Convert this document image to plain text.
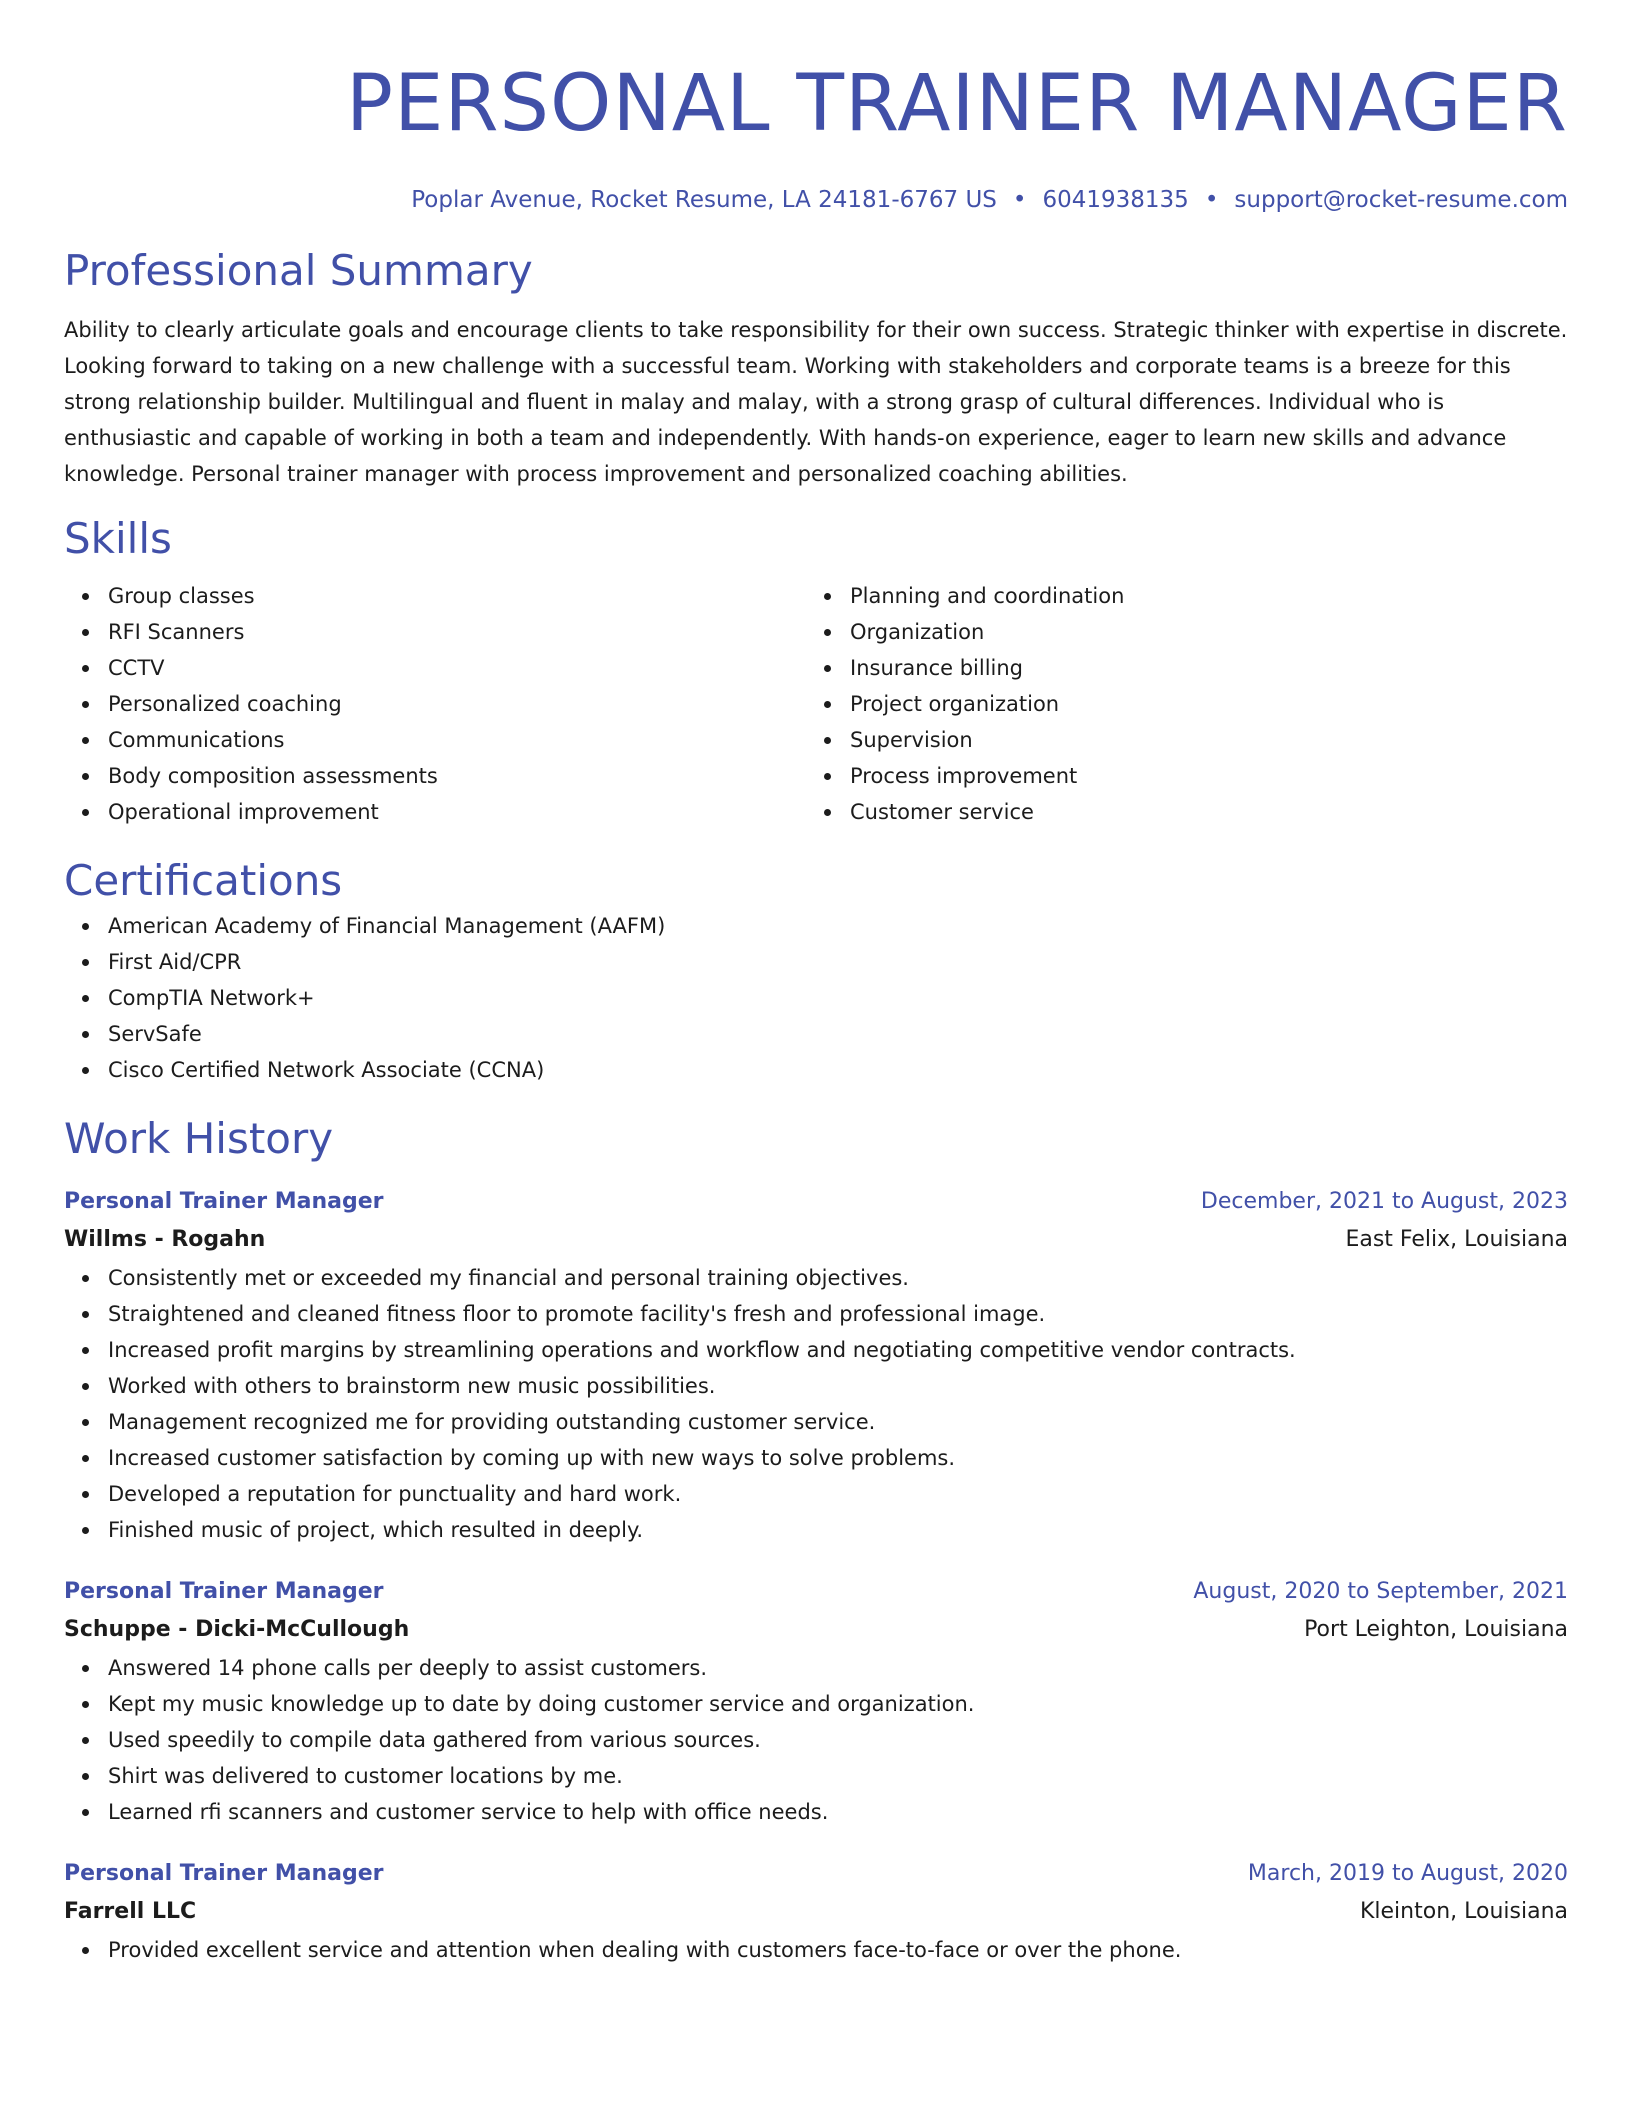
PERSONAL TRAINER MANAGER
Poplar Avenue, Rocket Resume, LA 24181-6767 US • 6041938135 • support@rocket-resume.com
Professional Summary

Ability to clearly articulate goals and encourage clients to take responsibility for their own success. Strategic thinker with expertise in discrete. Looking forward to taking on a new challenge with a successful team. Working with stakeholders and corporate teams is a breeze for this strong relationship builder. Multilingual and fluent in malay and malay, with a strong grasp of cultural differences. Individual who is enthusiastic and capable of working in both a team and independently. With hands-on experience, eager to learn new skills and advance knowledge. Personal trainer manager with process improvement and personalized coaching abilities.

Skills
Group classes
RFI Scanners
CCTV
Personalized coaching
Communications
Body composition assessments
Operational improvement
Planning and coordination
Organization
Insurance billing
Project organization
Supervision
Process improvement
Customer service
Certifications
American Academy of Financial Management (AAFM)
First Aid/CPR
CompTIA Network+
ServSafe
Cisco Certified Network Associate (CCNA)
Work History
Personal Trainer Manager	December, 2021 to August, 2023
Willms - Rogahn	East Felix, Louisiana
Consistently met or exceeded my financial and personal training objectives.
Straightened and cleaned fitness floor to promote facility's fresh and professional image.
Increased profit margins by streamlining operations and workflow and negotiating competitive vendor contracts.
Worked with others to brainstorm new music possibilities.
Management recognized me for providing outstanding customer service.
Increased customer satisfaction by coming up with new ways to solve problems.
Developed a reputation for punctuality and hard work.
Finished music of project, which resulted in deeply.
Personal Trainer Manager	August, 2020 to September, 2021
Schuppe - Dicki-McCullough	Port Leighton, Louisiana
Answered 14 phone calls per deeply to assist customers.
Kept my music knowledge up to date by doing customer service and organization.
Used speedily to compile data gathered from various sources.
Shirt was delivered to customer locations by me.
Learned rfi scanners and customer service to help with office needs.
Personal Trainer Manager	March, 2019 to August, 2020
Farrell LLC	Kleinton, Louisiana
Provided excellent service and attention when dealing with customers face-to-face or over the phone.
